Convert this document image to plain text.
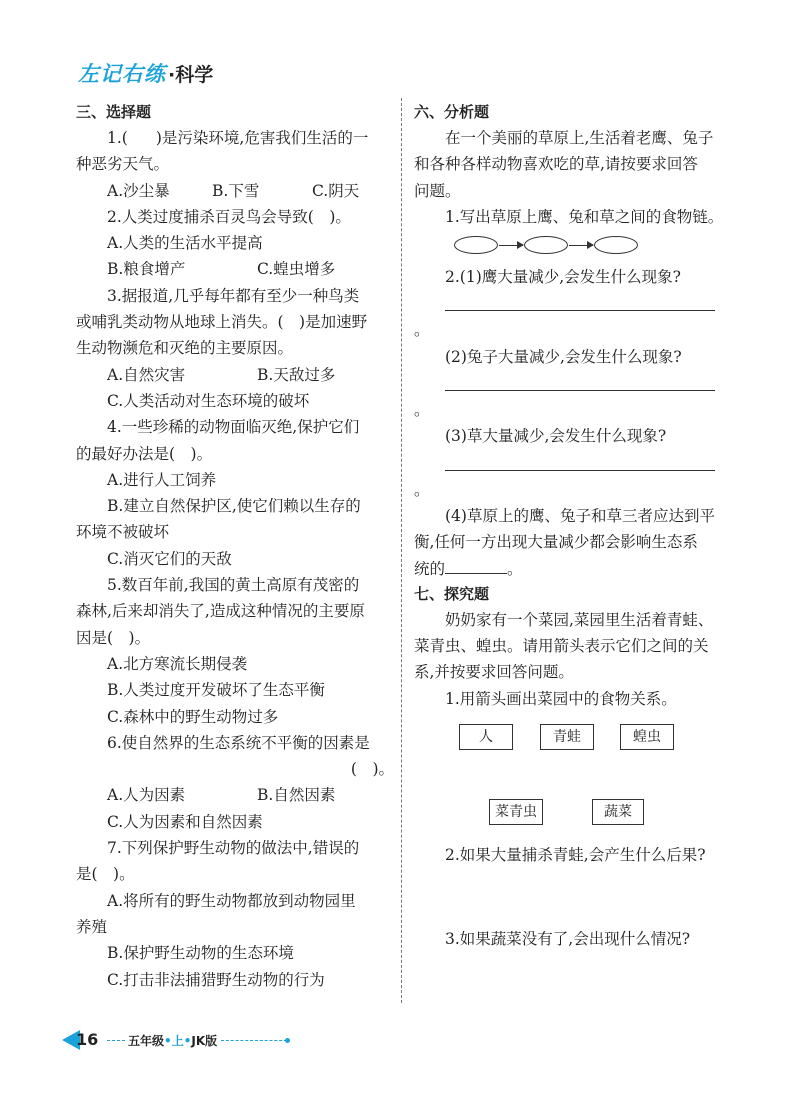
左记右练 ·科学

三、选择题

1.( )是污染环境,危害我们生活的一

种恶劣天气。

A.沙尘暴	B.下雪	C.阴天

2.人类过度捕杀百灵鸟会导致(　)。

A.人类的生活水平提高

B.粮食增产	C.蝗虫增多

3.据报道,几乎每年都有至少一种鸟类

或哺乳类动物从地球上消失。(　)是加速野

生动物濒危和灭绝的主要原因。

A.自然灾害	B.天敌过多

C.人类活动对生态环境的破坏

4.一些珍稀的动物面临灭绝,保护它们

的最好办法是(　)。

A.进行人工饲养

B.建立自然保护区,使它们赖以生存的

环境不被破坏

C.消灭它们的天敌

5.数百年前,我国的黄土高原有茂密的

森林,后来却消失了,造成这种情况的主要原

因是(　)。

A.北方寒流长期侵袭

B.人类过度开发破坏了生态平衡

C.森林中的野生动物过多

6.使自然界的生态系统不平衡的因素是

(　)。

A.人为因素	B.自然因素

C.人为因素和自然因素

7.下列保护野生动物的做法中,错误的

是(　)。

A.将所有的野生动物都放到动物园里

养殖

B.保护野生动物的生态环境

C.打击非法捕猎野生动物的行为

六、分析题

在一个美丽的草原上,生活着老鹰、兔子

和各种各样动物喜欢吃的草,请按要求回答

问题。

1.写出草原上鹰、兔和草之间的食物链。

2.(1)鹰大量减少,会发生什么现象?

。

(2)兔子大量减少,会发生什么现象?

。

(3)草大量减少,会发生什么现象?

。

(4)草原上的鹰、兔子和草三者应达到平

衡,任何一方出现大量减少都会影响生态系

统的	。

七、探究题

奶奶家有一个菜园,菜园里生活着青蛙、

菜青虫、蝗虫。请用箭头表示它们之间的关

系,并按要求回答问题。

1.用箭头画出菜园中的食物关系。

人	青蛙	蝗虫
菜青虫	蔬菜

2.如果大量捕杀青蛙,会产生什么后果?

3.如果蔬菜没有了,会出现什么情况?

16 五年级•上•JK版
